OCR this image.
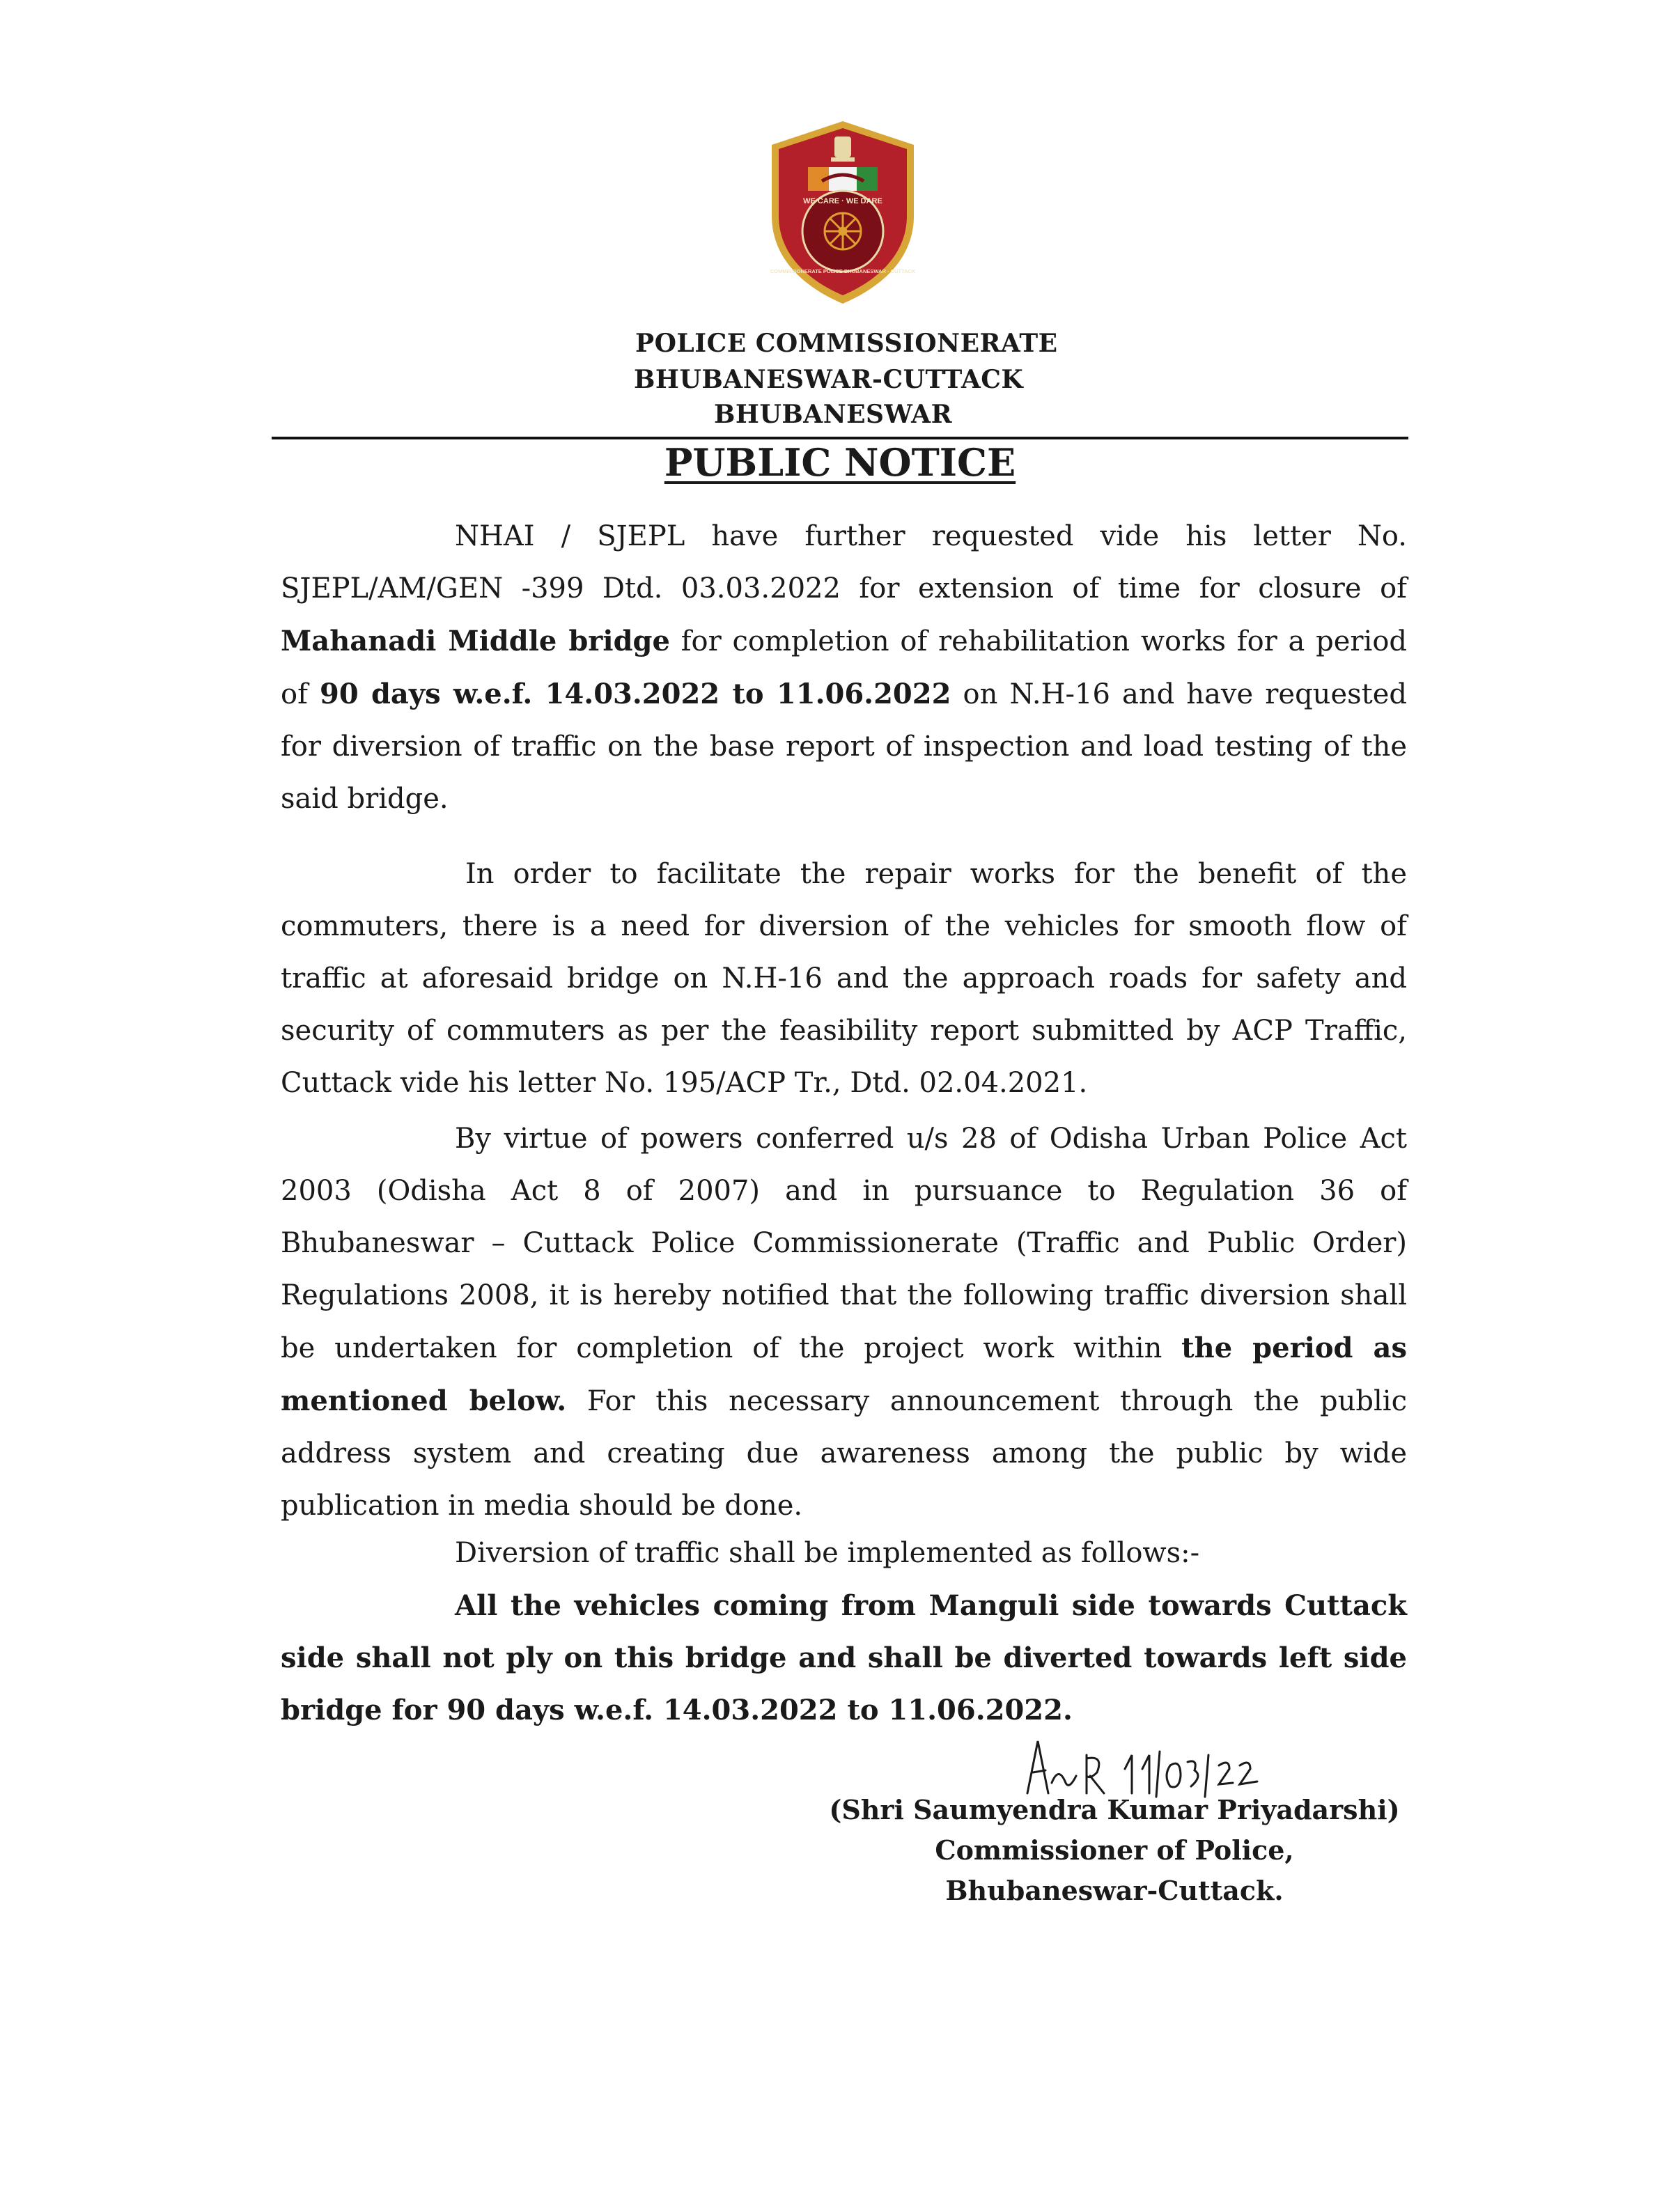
WE CARE · WE DARE
COMMISSIONERATE POLICE BHUBANESWAR - CUTTACK
POLICE COMMISSIONERATE
BHUBANESWAR-CUTTACK
BHUBANESWAR
PUBLIC NOTICE
NHAI / SJEPL have further requested vide his letter No. SJEPL/AM/GEN -399 Dtd. 03.03.2022 for extension of time for closure of Mahanadi Middle bridge for completion of rehabilitation works for a period of 90 days w.e.f. 14.03.2022 to 11.06.2022 on N.H-16 and have requested for diversion of traffic on the base report of inspection and load testing of the said bridge.
In order to facilitate the repair works for the benefit of the commuters, there is a need for diversion of the vehicles for smooth flow of traffic at aforesaid bridge on N.H-16 and the approach roads for safety and security of commuters as per the feasibility report submitted by ACP Traffic, Cuttack vide his letter No. 195/ACP Tr., Dtd. 02.04.2021.
By virtue of powers conferred u/s 28 of Odisha Urban Police Act 2003 (Odisha Act 8 of 2007) and in pursuance to Regulation 36 of Bhubaneswar – Cuttack Police Commissionerate (Traffic and Public Order) Regulations 2008, it is hereby notified that the following traffic diversion shall be undertaken for completion of the project work within the period as mentioned below. For this necessary announcement through the public address system and creating due awareness among the public by wide publication in media should be done.
Diversion of traffic shall be implemented as follows:-
All the vehicles coming from Manguli side towards Cuttack side shall not ply on this bridge and shall be diverted towards left side bridge for 90 days w.e.f. 14.03.2022 to 11.06.2022.
(Shri Saumyendra Kumar Priyadarshi)
Commissioner of Police,
Bhubaneswar-Cuttack.
